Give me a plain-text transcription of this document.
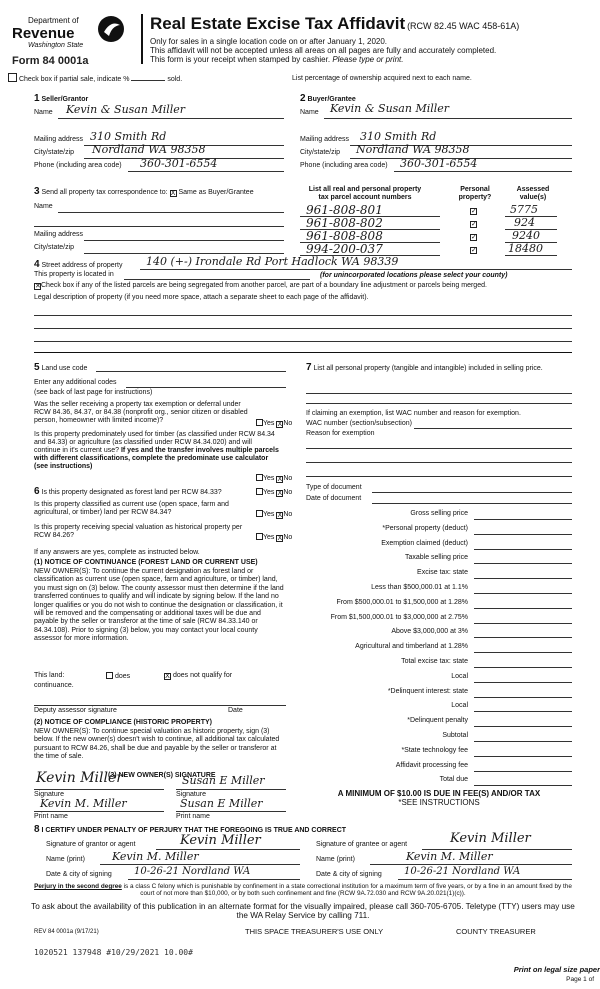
Department of
Revenue
Washington State
Form 84 0001a
Real Estate Excise Tax Affidavit (RCW 82.45 WAC 458-61A)
Only for sales in a single location code on or after January 1, 2020.
This affidavit will not be accepted unless all areas on all pages are fully and accurately completed.
This form is your receipt when stamped by cashier. Please type or print.
Check box if partial sale, indicate %	sold.	List percentage of ownership acquired next to each name.
1 Seller/Grantor
Name Kevin & Susan Miller
Mailing address 310 Smith Rd
City/state/zip Nordland WA 98358
Phone (including area code) 360-301-6554
2 Buyer/Grantee
Name Kevin & Susan Miller
Mailing address 310 Smith Rd
City/state/zip Nordland WA 98358
Phone (including area code) 360-301-6554
3 Send all property tax correspondence to: X Same as Buyer/Grantee
Name
Mailing address
City/state/zip
List all real and personal property tax parcel account numbers
Personal property?
Assessed value(s)
961-808-801	✓	5775
961-808-802	✓	924
961-808-808	✓	9240
994-200-037	✓	18480
4 Street address of property 140 (+-) Irondale Rd Port Hadlock WA 98339
This property is located in	(for unincorporated locations please select your county)
✕Check box if any of the listed parcels are being segregated from another parcel, are part of a boundary line adjustment or parcels being merged.
Legal description of property (if you need more space, attach a separate sheet to each page of the affidavit).
5 Land use code
Enter any additional codes
(see back of last page for instructions)
Was the seller receiving a property tax exemption or deferral under RCW 84.36, 84.37, or 84.38 (nonprofit org., senior citizen or disabled person, homeowner with limited income)?	Yes XNo
Is this property predominately used for timber (as classified under RCW 84.34 and 84.33) or agriculture (as classified under RCW 84.34.020) and will continue in it's current use? If yes and the transfer involves multiple parcels with different classifications, complete the predominate use calculator (see instructions)
Yes XNo
6 Is this property designated as forest land per RCW 84.33?	Yes XNo
Is this property classified as current use (open space, farm and agricultural, or timber) land per RCW 84.34?	Yes XNo
Is this property receiving special valuation as historical property per RCW 84.26?	Yes XNo
If any answers are yes, complete as instructed below.
(1) NOTICE OF CONTINUANCE (FOREST LAND OR CURRENT USE)
NEW OWNER(S): To continue the current designation as forest land or classification as current use (open space, farm and agriculture, or timber) land, you must sign on (3) below. The county assessor must then determine if the land transferred continues to qualify and will indicate by signing below. If the land no longer qualifies or you do not wish to continue the designation or classification, it will be removed and the compensating or additional taxes will be due and payable by the seller or transferor at the time of sale (RCW 84.33.140 or 84.34.108). Prior to signing (3) below, you may contact your local county assessor for more information.
This land:	does	X does not qualify for
continuance.
Deputy assessor signature	Date
(2) NOTICE OF COMPLIANCE (HISTORIC PROPERTY)
NEW OWNER(S): To continue special valuation as historic property, sign (3) below. If the new owner(s) doesn't wish to continue, all additional tax calculated pursuant to RCW 84.26, shall be due and payable by the seller or transferor at the time of sale.
(3) NEW OWNER(S) SIGNATURE
Kevin Miller	Susan E Miller
Signature	Signature
Kevin M. Miller	Susan E Miller
Print name	Print name
7 List all personal property (tangible and intangible) included in selling price.
If claiming an exemption, list WAC number and reason for exemption.
WAC number (section/subsection)
Reason for exemption
Type of document
Date of document
Gross selling price
*Personal property (deduct)
Exemption claimed (deduct)
Taxable selling price
Excise tax: state
Less than $500,000.01 at 1.1%
From $500,000.01 to $1,500,000 at 1.28%
From $1,500,000.01 to $3,000,000 at 2.75%
Above $3,000,000 at 3%
Agricultural and timberland at 1.28%
Total excise tax: state
Local
*Delinquent interest: state
Local
*Delinquent penalty
Subtotal
*State technology fee
Affidavit processing fee
Total due
A MINIMUM OF $10.00 IS DUE IN FEE(S) AND/OR TAX
*SEE INSTRUCTIONS
8 I CERTIFY UNDER PENALTY OF PERJURY THAT THE FOREGOING IS TRUE AND CORRECT
Signature of grantor or agent	Kevin Miller
Name (print) Kevin M. Miller
Date & city of signing 10-26-21 Nordland WA
Signature of grantee or agent	Kevin Miller
Name (print)	Kevin M. Miller
Date & city of signing 10-26-21 Nordland WA
Perjury in the second degree is a class C felony which is punishable by confinement in a state correctional institution for a maximum term of five years, or by a fine in an amount fixed by the court of not more than $10,000, or by both such confinement and fine (RCW 9A.72.030 and RCW 9A.20.021(1)(c)).
To ask about the availability of this publication in an alternate format for the visually impaired, please call 360-705-6705. Teletype (TTY) users may use the WA Relay Service by calling 711.
REV 84 0001a (9/17/21)	THIS SPACE TREASURER'S USE ONLY	COUNTY TREASURER
1020521 137948 #10/29/2021 10.00#
Print on legal size paper
Page 1 of
